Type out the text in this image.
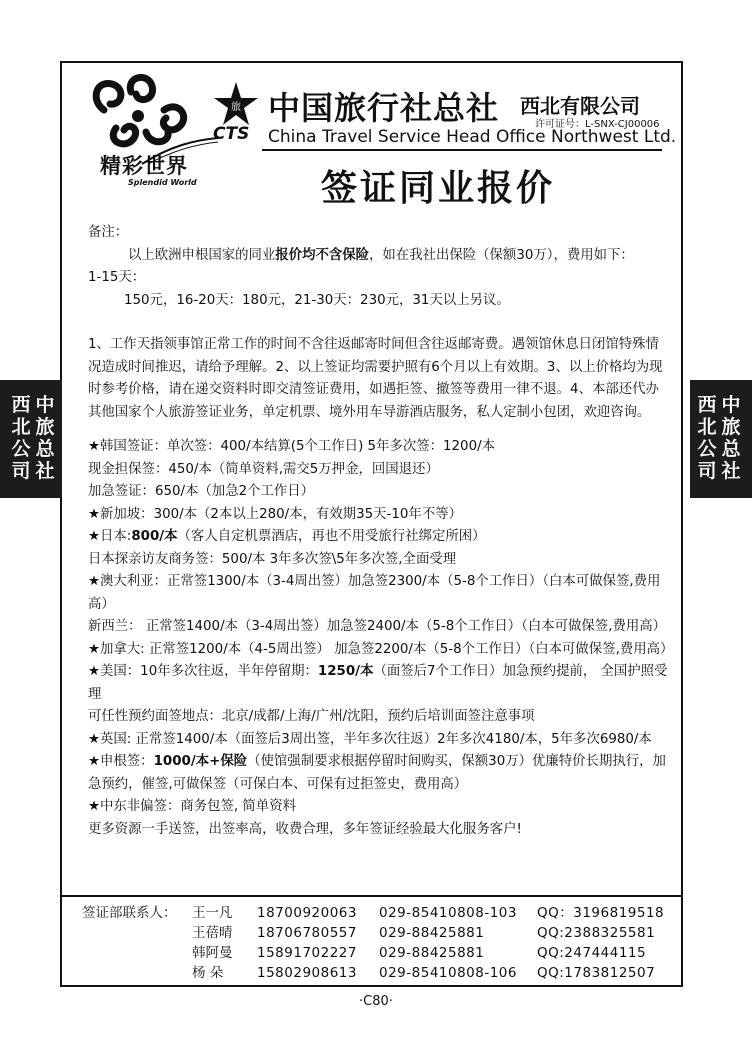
精彩世界
Splendid World
旅
CTS
中国旅行社总社 西北有限公司
许可证号：L-SNX-CJ00006
China Travel Service Head Office Northwest Ltd.
签证同业报价
西
北
公
司
中
旅
总
社
西
北
公
司
中
旅
总
社

备注：

以上欧洲申根国家的同业报价均不含保险，如在我社出保险（保额30万），费用如下：

1-15天：

150元，16-20天：180元，21-30天：230元，31天以上另议。

1、工作天指领事馆正常工作的时间不含往返邮寄时间但含往返邮寄费。遇领馆休息日闭馆特殊情况造成时间推迟，请给予理解。2、以上签证均需要护照有6个月以上有效期。3、以上价格均为现时参考价格，请在递交资料时即交清签证费用，如遇拒签、撤签等费用一律不退。4、本部还代办其他国家个人旅游签证业务，单定机票、境外用车导游酒店服务，私人定制小包团，欢迎咨询。

★韩国签证：单次签：400/本结算(5个工作日) 5年多次签：1200/本

现金担保签：450/本（简单资料,需交5万押金，回国退还）

加急签证：650/本（加急2个工作日）

★新加坡：300/本（2本以上280/本，有效期35天-10年不等）

★日本:800/本（客人自定机票酒店，再也不用受旅行社绑定所困）

日本探亲访友商务签：500/本 3年多次签\5年多次签,全面受理

★澳大利亚：正常签1300/本（3-4周出签）加急签2300/本（5-8个工作日）（白本可做保签,费用高）

新西兰： 正常签1400/本（3-4周出签）加急签2400/本（5-8个工作日）（白本可做保签,费用高）

★加拿大: 正常签1200/本（4-5周出签） 加急签2200/本（5-8个工作日）（白本可做保签,费用高）

★美国：10年多次往返，半年停留期：1250/本（面签后7个工作日）加急预约提前， 全国护照受理

可任性预约面签地点：北京/成都/上海/广州/沈阳，预约后培训面签注意事项

★英国: 正常签1400/本（面签后3周出签，半年多次往返）2年多次4180/本，5年多次6980/本

★申根签：1000/本+保险（使馆强制要求根据停留时间购买，保额30万）优廉特价长期执行，加急预约，催签,可做保签（可保白本、可保有过拒签史，费用高）

★中东非偏签：商务包签, 简单资料

更多资源一手送签，出签率高，收费合理，多年签证经验最大化服务客户!

签证部联系人： 王一凡 18700920063 029-85410808-103 QQ：3196819518
王蓓晴 18706780557 029-88425881	QQ:2388325581
韩阿曼 15891702227 029-88425881	QQ:247444115
杨 朵 15802908613 029-85410808-106 QQ:1783812507
·C80·
